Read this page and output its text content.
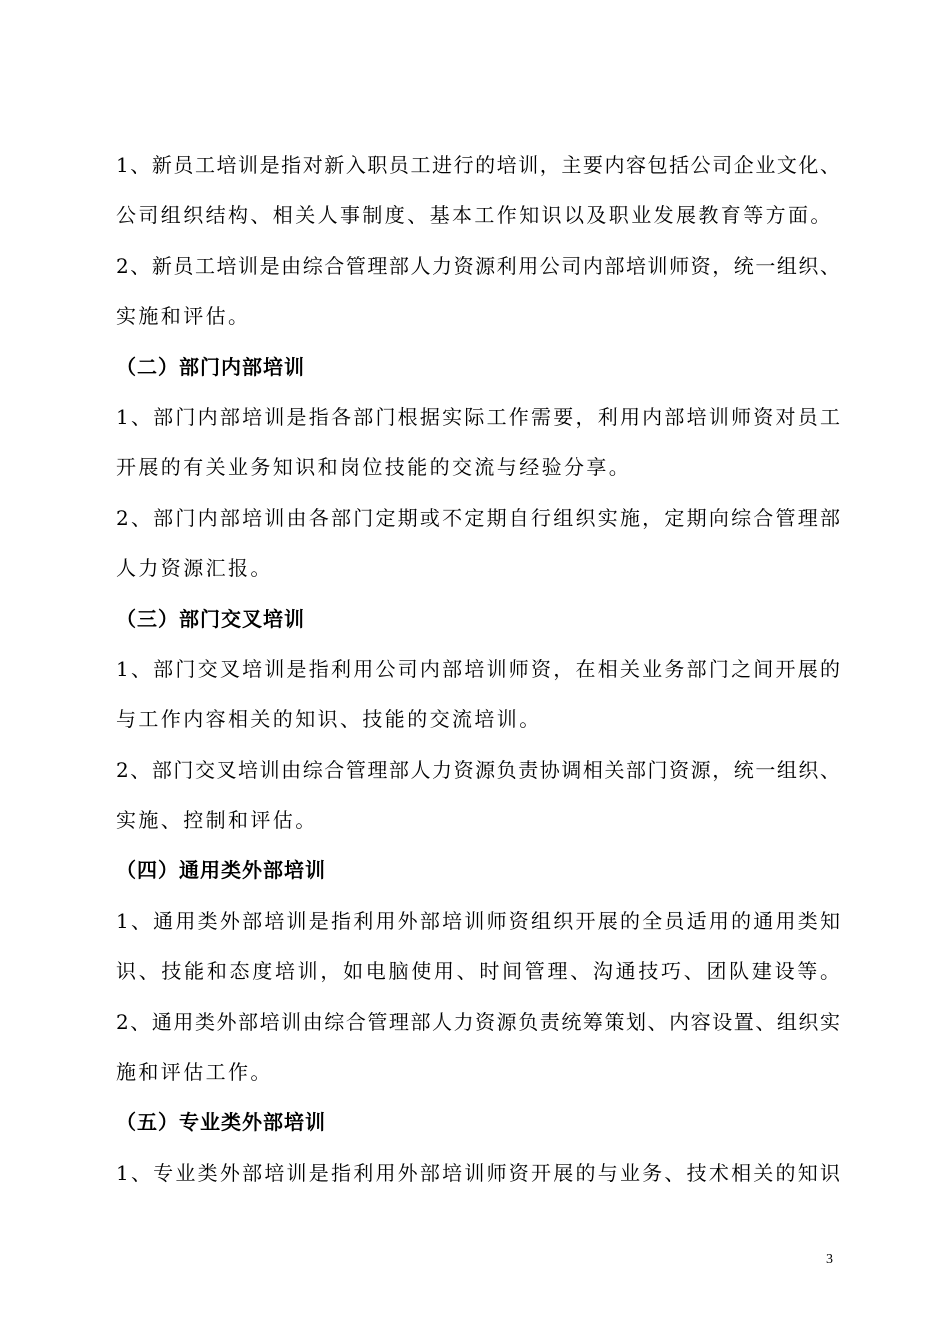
1、新员工培训是指对新入职员工进行的培训，主要内容包括公司企业文化、
公司组织结构、相关人事制度、基本工作知识以及职业发展教育等方面。
2、新员工培训是由综合管理部人力资源利用公司内部培训师资，统一组织、
实施和评估。
（二）部门内部培训
1、部门内部培训是指各部门根据实际工作需要，利用内部培训师资对员工
开展的有关业务知识和岗位技能的交流与经验分享。
2、部门内部培训由各部门定期或不定期自行组织实施，定期向综合管理部
人力资源汇报。
（三）部门交叉培训
1、部门交叉培训是指利用公司内部培训师资，在相关业务部门之间开展的
与工作内容相关的知识、技能的交流培训。
2、部门交叉培训由综合管理部人力资源负责协调相关部门资源，统一组织、
实施、控制和评估。
（四）通用类外部培训
1、通用类外部培训是指利用外部培训师资组织开展的全员适用的通用类知
识、技能和态度培训，如电脑使用、时间管理、沟通技巧、团队建设等。
2、通用类外部培训由综合管理部人力资源负责统筹策划、内容设置、组织实
施和评估工作。
（五）专业类外部培训
1、专业类外部培训是指利用外部培训师资开展的与业务、技术相关的知识
3
